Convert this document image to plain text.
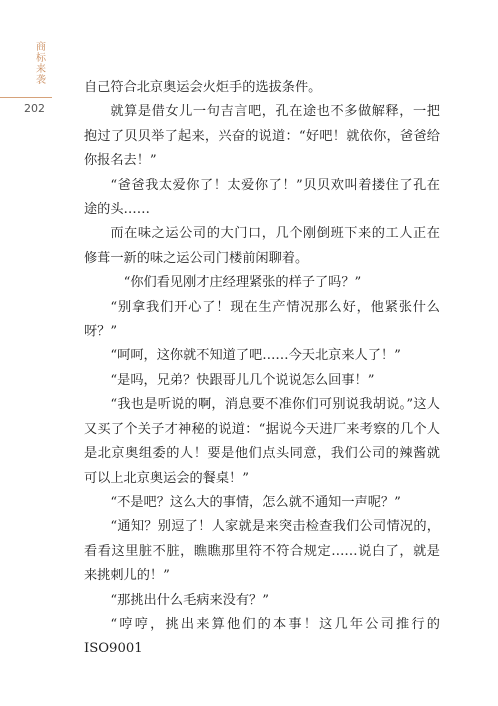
商
标
来
袭
202

自己符合北京奥运会火炬手的选拔条件。

就算是借女儿一句吉言吧，孔在途也不多做解释，一把抱过了贝贝举了起来，兴奋的说道：“好吧！就依你，爸爸给你报名去！”

“爸爸我太爱你了！太爱你了！”贝贝欢叫着搂住了孔在途的头……

而在味之运公司的大门口，几个刚倒班下来的工人正在修葺一新的味之运公司门楼前闲聊着。

“你们看见刚才庄经理紧张的样子了吗？”

“别拿我们开心了！现在生产情况那么好，他紧张什么呀？”

“呵呵，这你就不知道了吧……今天北京来人了！”

“是吗，兄弟？快跟哥儿几个说说怎么回事！”

“我也是听说的啊，消息要不准你们可别说我胡说。”这人又买了个关子才神秘的说道：“据说今天进厂来考察的几个人是北京奥组委的人！要是他们点头同意，我们公司的辣酱就可以上北京奥运会的餐桌！”

“不是吧？这么大的事情，怎么就不通知一声呢？”

“通知？别逗了！人家就是来突击检查我们公司情况的，看看这里脏不脏，瞧瞧那里符不符合规定……说白了，就是来挑刺儿的！”

“那挑出什么毛病来没有？”

“哼哼，挑出来算他们的本事！这几年公司推行的ISO9001
